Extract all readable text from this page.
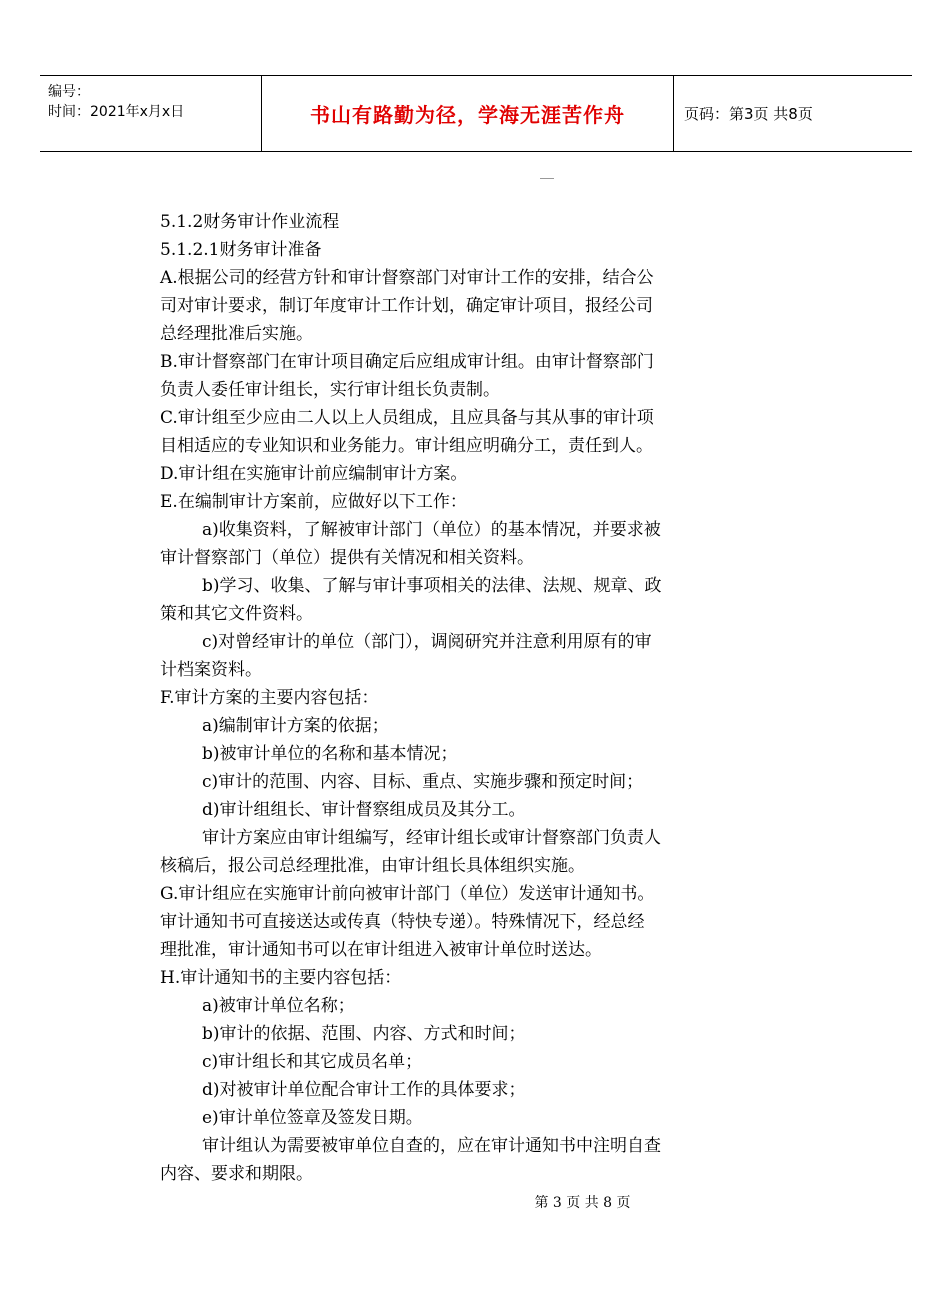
编号：
时间：2021年x月x日	书山有路勤为径，学海无涯苦作舟	页码：第3页 共8页

5.1.2财务审计作业流程

5.1.2.1财务审计准备

A.根据公司的经营方针和审计督察部门对审计工作的安排，结合公

司对审计要求，制订年度审计工作计划，确定审计项目，报经公司

总经理批准后实施。

B.审计督察部门在审计项目确定后应组成审计组。由审计督察部门

负责人委任审计组长，实行审计组长负责制。

C.审计组至少应由二人以上人员组成，且应具备与其从事的审计项

目相适应的专业知识和业务能力。审计组应明确分工，责任到人。

D.审计组在实施审计前应编制审计方案。

E.在编制审计方案前，应做好以下工作：

a)收集资料，了解被审计部门（单位）的基本情况，并要求被

审计督察部门（单位）提供有关情况和相关资料。

b)学习、收集、了解与审计事项相关的法律、法规、规章、政

策和其它文件资料。

c)对曾经审计的单位（部门），调阅研究并注意利用原有的审

计档案资料。

F.审计方案的主要内容包括：

a)编制审计方案的依据；

b)被审计单位的名称和基本情况；

c)审计的范围、内容、目标、重点、实施步骤和预定时间；

d)审计组组长、审计督察组成员及其分工。

审计方案应由审计组编写，经审计组长或审计督察部门负责人

核稿后，报公司总经理批准，由审计组长具体组织实施。

G.审计组应在实施审计前向被审计部门（单位）发送审计通知书。

审计通知书可直接送达或传真（特快专递）。特殊情况下，经总经

理批准，审计通知书可以在审计组进入被审计单位时送达。

H.审计通知书的主要内容包括：

a)被审计单位名称；

b)审计的依据、范围、内容、方式和时间；

c)审计组长和其它成员名单；

d)对被审计单位配合审计工作的具体要求；

e)审计单位签章及签发日期。

审计组认为需要被审单位自查的，应在审计通知书中注明自查

内容、要求和期限。

第 3 页 共 8 页
